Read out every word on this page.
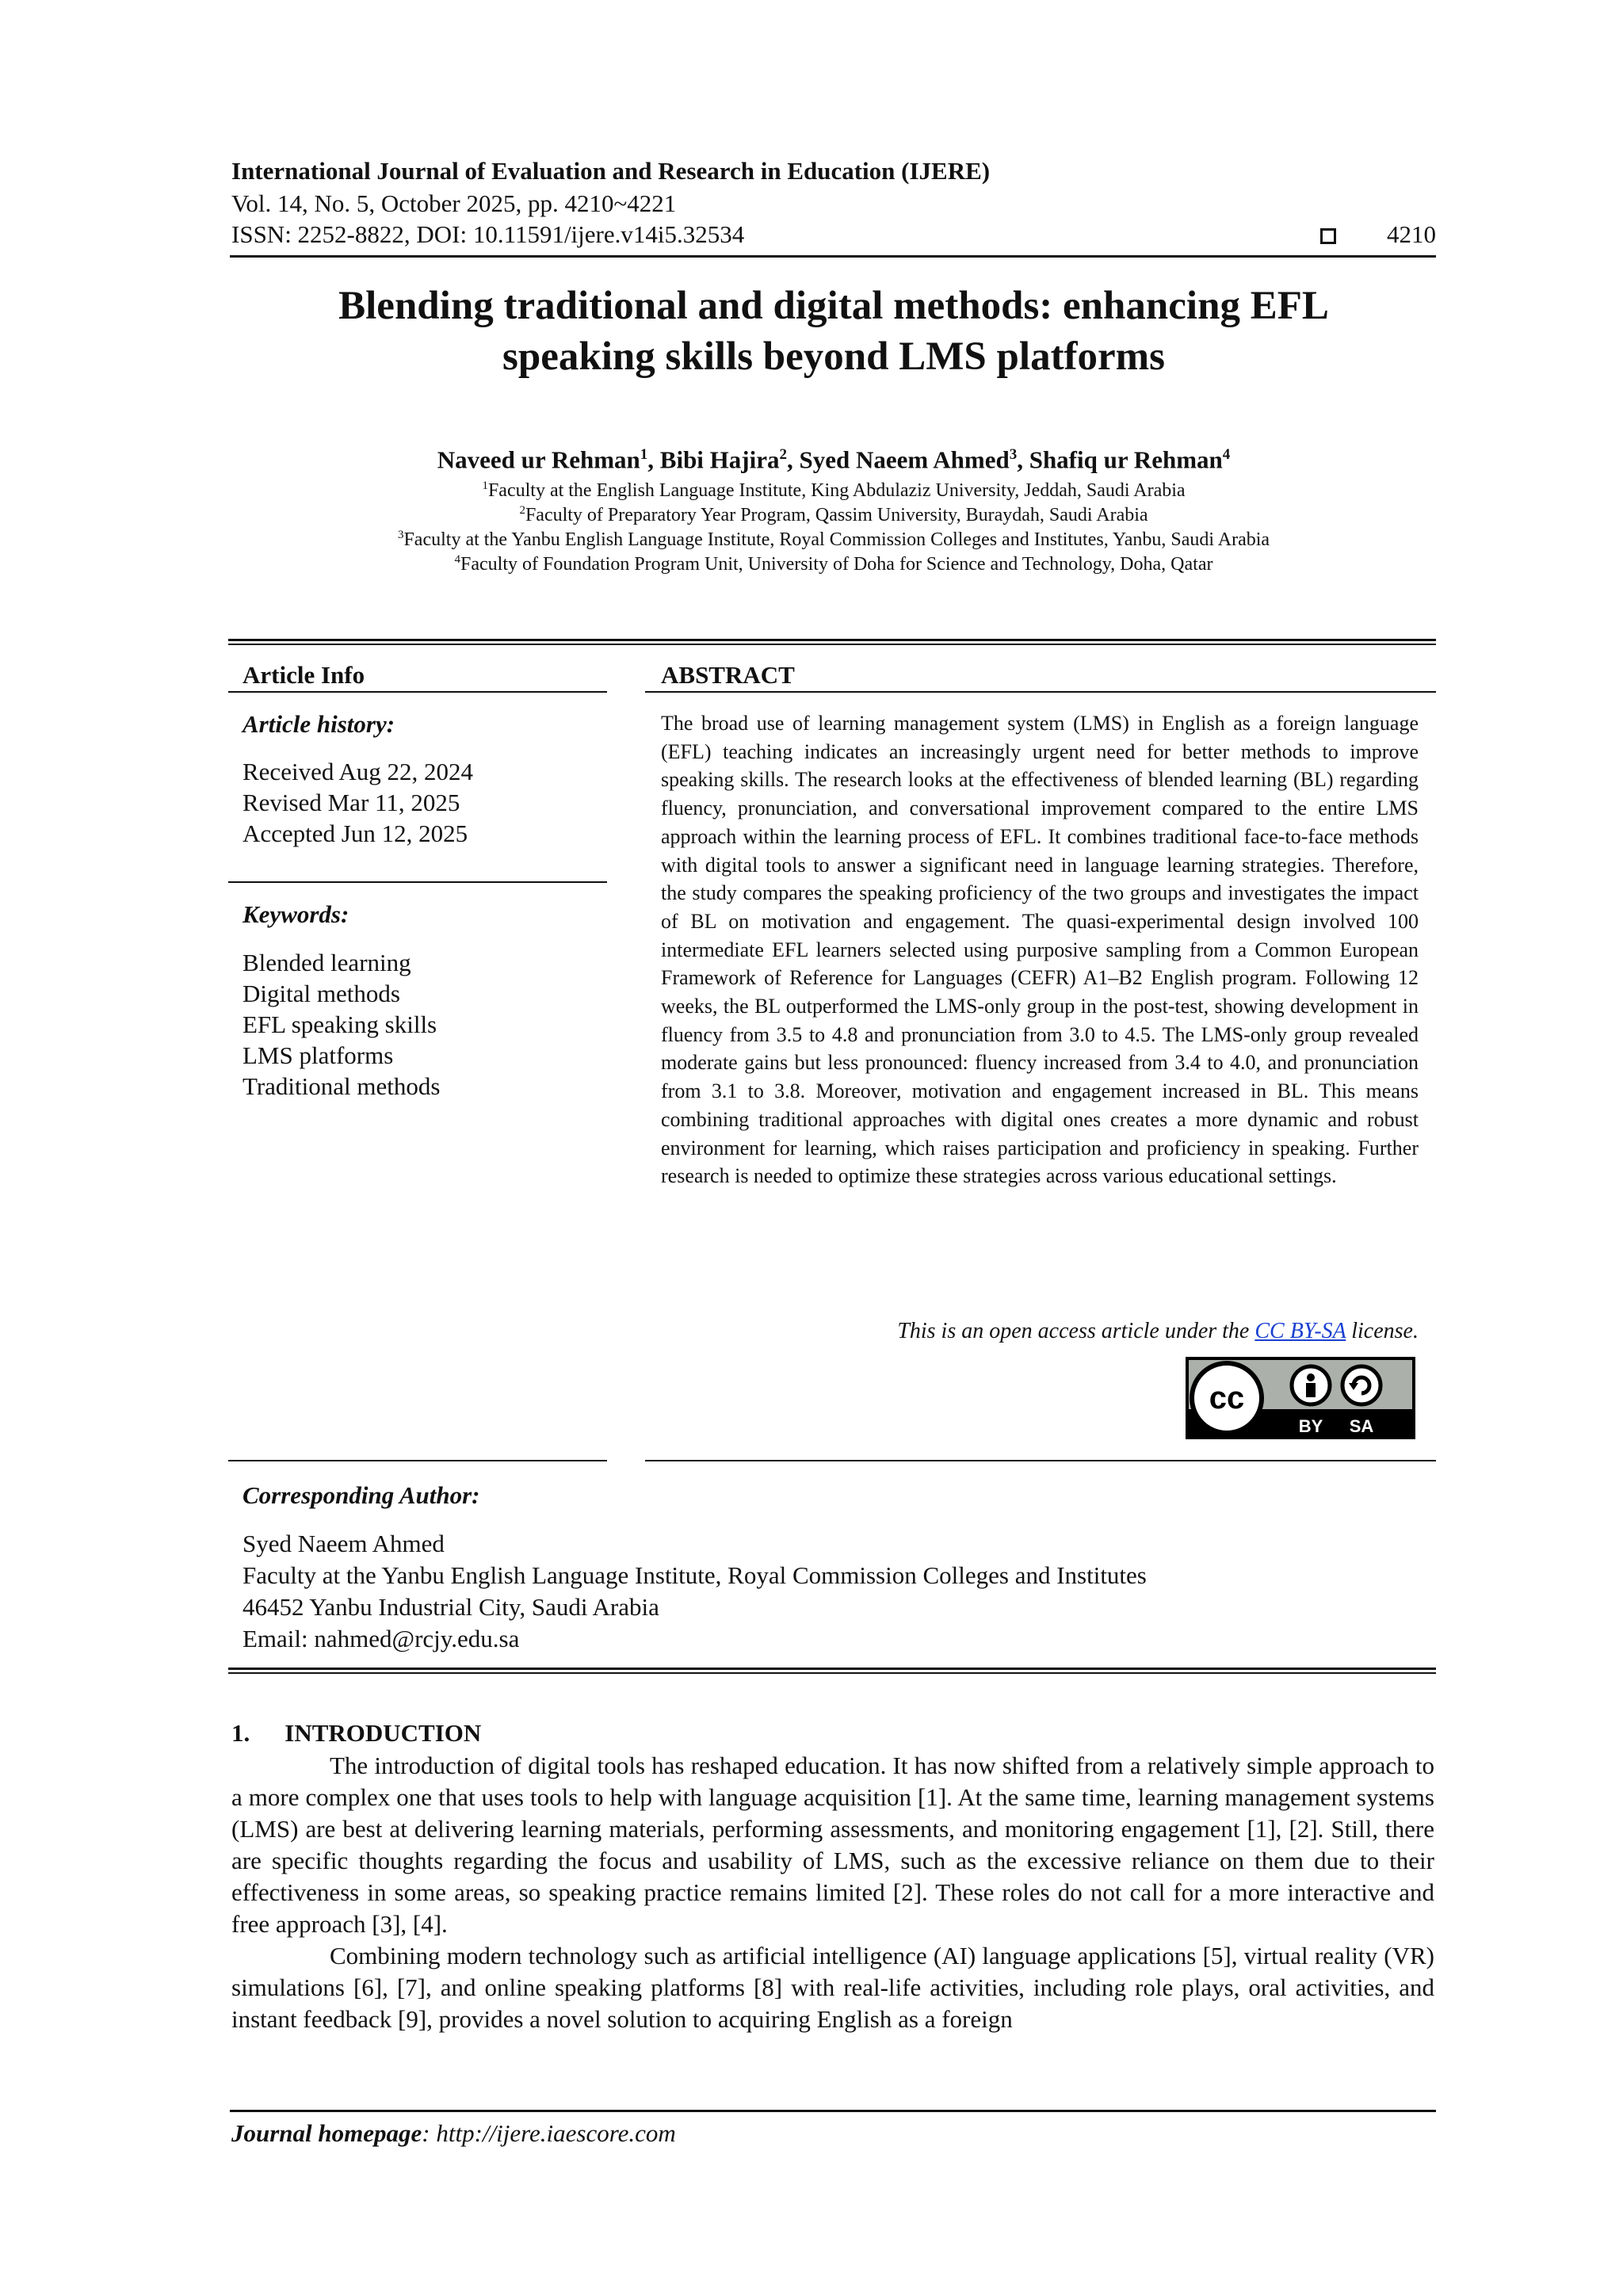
International Journal of Evaluation and Research in Education (IJERE)
Vol. 14, No. 5, October 2025, pp. 4210~4221
ISSN: 2252-8822, DOI: 10.11591/ijere.v14i5.32534	4210
Blending traditional and digital methods: enhancing EFL
speaking skills beyond LMS platforms
Naveed ur Rehman$^1$, Bibi Hajira$^2$, Syed Naeem Ahmed$^3$, Shafiq ur Rehman$^4$
$^1$Faculty at the English Language Institute, King Abdulaziz University, Jeddah, Saudi Arabia
$^2$Faculty of Preparatory Year Program, Qassim University, Buraydah, Saudi Arabia
$^3$Faculty at the Yanbu English Language Institute, Royal Commission Colleges and Institutes, Yanbu, Saudi Arabia
$^4$Faculty of Foundation Program Unit, University of Doha for Science and Technology, Doha, Qatar
Article Info
Article history:
Received Aug 22, 2024
Revised Mar 11, 2025
Accepted Jun 12, 2025
Keywords:
Blended learning
Digital methods
EFL speaking skills
LMS platforms
Traditional methods
ABSTRACT
The broad use of learning management system (LMS) in English as a foreign language (EFL) teaching indicates an increasingly urgent need for better methods to improve speaking skills. The research looks at the effectiveness of blended learning (BL) regarding fluency, pronunciation, and conversational improvement compared to the entire LMS approach within the learning process of EFL. It combines traditional face-to-face methods with digital tools to answer a significant need in language learning strategies. Therefore, the study compares the speaking proficiency of the two groups and investigates the impact of BL on motivation and engagement. The quasi-experimental design involved 100 intermediate EFL learners selected using purposive sampling from a Common European Framework of Reference for Languages (CEFR) A1–B2 English program. Following 12 weeks, the BL outperformed the LMS-only group in the post-test, showing development in fluency from 3.5 to 4.8 and pronunciation from 3.0 to 4.5. The LMS-only group revealed moderate gains but less pronounced: fluency increased from 3.4 to 4.0, and pronunciation from 3.1 to 3.8. Moreover, motivation and engagement increased in BL. This means combining traditional approaches with digital ones creates a more dynamic and robust environment for learning, which raises participation and proficiency in speaking. Further research is needed to optimize these strategies across various educational settings.
This is an open access article under the CC BY-SA license.
cc
BY SA
Corresponding Author:
Syed Naeem Ahmed
Faculty at the Yanbu English Language Institute, Royal Commission Colleges and Institutes
46452 Yanbu Industrial City, Saudi Arabia
Email: nahmed@rcjy.edu.sa
1. INTRODUCTION

The introduction of digital tools has reshaped education. It has now shifted from a relatively simple approach to a more complex one that uses tools to help with language acquisition [1]. At the same time, learning management systems (LMS) are best at delivering learning materials, performing assessments, and monitoring engagement [1], [2]. Still, there are specific thoughts regarding the focus and usability of LMS, such as the excessive reliance on them due to their effectiveness in some areas, so speaking practice remains limited [2]. These roles do not call for a more interactive and free approach [3], [4].

Combining modern technology such as artificial intelligence (AI) language applications [5], virtual reality (VR) simulations [6], [7], and online speaking platforms [8] with real-life activities, including role plays, oral activities, and instant feedback [9], provides a novel solution to acquiring English as a foreign

Journal homepage: http://ijere.iaescore.com
